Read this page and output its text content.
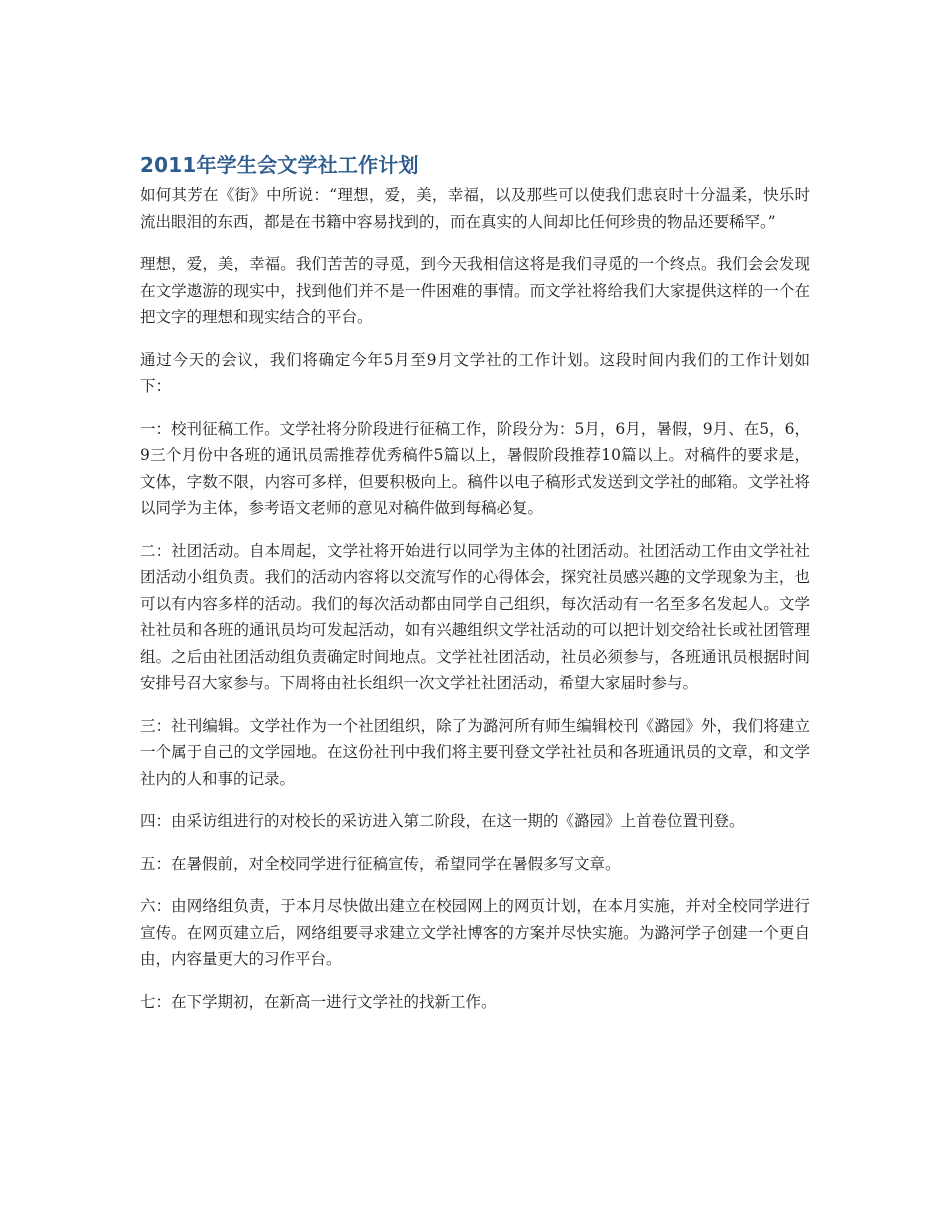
2011年学生会文学社工作计划

如何其芳在《街》中所说：“理想，爱，美，幸福，以及那些可以使我们悲哀时十分温柔，快乐时流出眼泪的东西，都是在书籍中容易找到的，而在真实的人间却比任何珍贵的物品还要稀罕。”

理想，爱，美，幸福。我们苦苦的寻觅，到今天我相信这将是我们寻觅的一个终点。我们会会发现在文学遨游的现实中，找到他们并不是一件困难的事情。而文学社将给我们大家提供这样的一个在把文字的理想和现实结合的平台。

通过今天的会议，我们将确定今年5月至9月文学社的工作计划。这段时间内我们的工作计划如下：

一：校刊征稿工作。文学社将分阶段进行征稿工作，阶段分为：5月，6月，暑假，9月、在5，6，9三个月份中各班的通讯员需推荐优秀稿件5篇以上，暑假阶段推荐10篇以上。对稿件的要求是，文体，字数不限，内容可多样，但要积极向上。稿件以电子稿形式发送到文学社的邮箱。文学社将以同学为主体，参考语文老师的意见对稿件做到每稿必复。

二：社团活动。自本周起，文学社将开始进行以同学为主体的社团活动。社团活动工作由文学社社团活动小组负责。我们的活动内容将以交流写作的心得体会，探究社员感兴趣的文学现象为主，也可以有内容多样的活动。我们的每次活动都由同学自己组织，每次活动有一名至多名发起人。文学社社员和各班的通讯员均可发起活动，如有兴趣组织文学社活动的可以把计划交给社长或社团管理组。之后由社团活动组负责确定时间地点。文学社社团活动，社员必须参与，各班通讯员根据时间安排号召大家参与。下周将由社长组织一次文学社社团活动，希望大家届时参与。

三：社刊编辑。文学社作为一个社团组织，除了为潞河所有师生编辑校刊《潞园》外，我们将建立一个属于自己的文学园地。在这份社刊中我们将主要刊登文学社社员和各班通讯员的文章，和文学社内的人和事的记录。

四：由采访组进行的对校长的采访进入第二阶段，在这一期的《潞园》上首卷位置刊登。

五：在暑假前，对全校同学进行征稿宣传，希望同学在暑假多写文章。

六：由网络组负责，于本月尽快做出建立在校园网上的网页计划，在本月实施，并对全校同学进行宣传。在网页建立后，网络组要寻求建立文学社博客的方案并尽快实施。为潞河学子创建一个更自由，内容量更大的习作平台。

七：在下学期初，在新高一进行文学社的找新工作。
